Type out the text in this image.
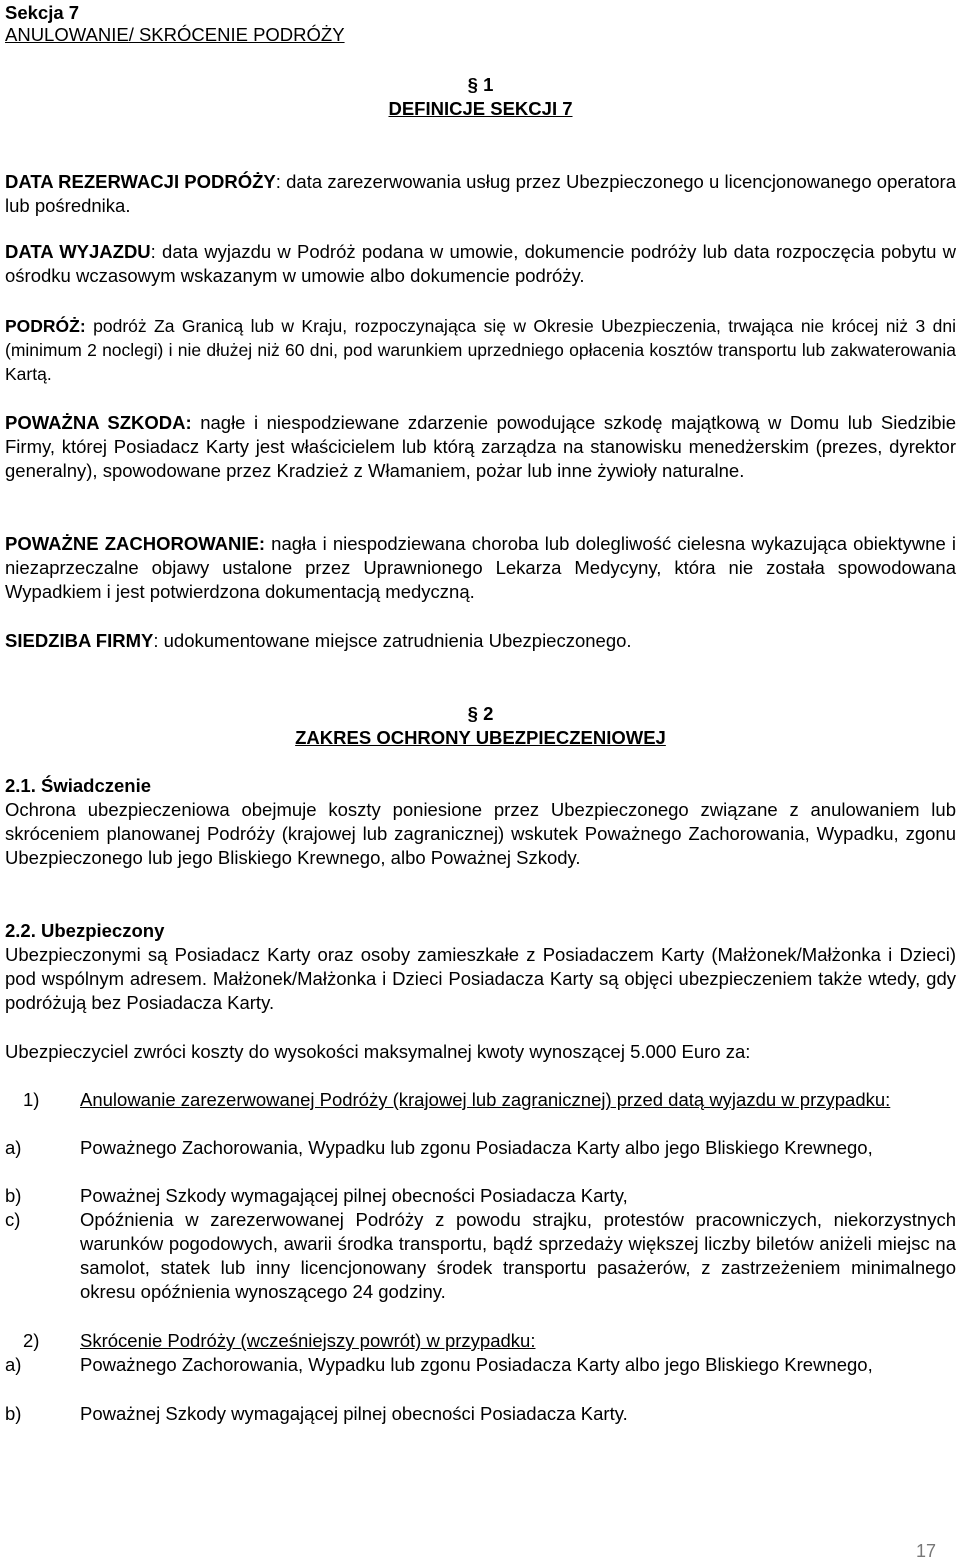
Sekcja 7
ANULOWANIE/ SKRÓCENIE PODRÓŻY
§ 1
DEFINICJE SEKCJI 7
DATA REZERWACJI PODRÓŻY: data zarezerwowania usług przez Ubezpieczonego u licencjonowanego operatora lub pośrednika.
DATA WYJAZDU: data wyjazdu w Podróż podana w umowie, dokumencie podróży lub data rozpoczęcia pobytu w ośrodku wczasowym wskazanym w umowie albo dokumencie podróży.
PODRÓŻ: podróż Za Granicą lub w Kraju, rozpoczynająca się w Okresie Ubezpieczenia, trwająca nie krócej niż 3 dni (minimum 2 noclegi) i nie dłużej niż 60 dni, pod warunkiem uprzedniego opłacenia kosztów transportu lub zakwaterowania Kartą.
POWAŻNA SZKODA: nagłe i niespodziewane zdarzenie powodujące szkodę majątkową w Domu lub Siedzibie Firmy, której Posiadacz Karty jest właścicielem lub którą zarządza na stanowisku menedżerskim (prezes, dyrektor generalny), spowodowane przez Kradzież z Włamaniem, pożar lub inne żywioły naturalne.
POWAŻNE ZACHOROWANIE: nagła i niespodziewana choroba lub dolegliwość cielesna wykazująca obiektywne i niezaprzeczalne objawy ustalone przez Uprawnionego Lekarza Medycyny, która nie została spowodowana Wypadkiem i jest potwierdzona dokumentacją medyczną.
SIEDZIBA FIRMY: udokumentowane miejsce zatrudnienia Ubezpieczonego.
§ 2
ZAKRES OCHRONY UBEZPIECZENIOWEJ
2.1. Świadczenie
Ochrona ubezpieczeniowa obejmuje koszty poniesione przez Ubezpieczonego związane z anulowaniem lub skróceniem planowanej Podróży (krajowej lub zagranicznej) wskutek Poważnego Zachorowania, Wypadku, zgonu Ubezpieczonego lub jego Bliskiego Krewnego, albo Poważnej Szkody.
2.2. Ubezpieczony
Ubezpieczonymi są Posiadacz Karty oraz osoby zamieszkałe z Posiadaczem Karty (Małżonek/Małżonka i Dzieci) pod wspólnym adresem. Małżonek/Małżonka i Dzieci Posiadacza Karty są objęci ubezpieczeniem także wtedy, gdy podróżują bez Posiadacza Karty.
Ubezpieczyciel zwróci koszty do wysokości maksymalnej kwoty wynoszącej 5.000 Euro za:
1)	Anulowanie zarezerwowanej Podróży (krajowej lub zagranicznej) przed datą wyjazdu w przypadku:
a)	Poważnego Zachorowania, Wypadku lub zgonu Posiadacza Karty albo jego Bliskiego Krewnego,
b)	Poważnej Szkody wymagającej pilnej obecności Posiadacza Karty,
c)	Opóźnienia w zarezerwowanej Podróży z powodu strajku, protestów pracowniczych, niekorzystnych warunków pogodowych, awarii środka transportu, bądź sprzedaży większej liczby biletów aniżeli miejsc na samolot, statek lub inny licencjonowany środek transportu pasażerów, z zastrzeżeniem minimalnego okresu opóźnienia wynoszącego 24 godziny.
2)	Skrócenie Podróży (wcześniejszy powrót) w przypadku:
a)	Poważnego Zachorowania, Wypadku lub zgonu Posiadacza Karty albo jego Bliskiego Krewnego,
b)	Poważnej Szkody wymagającej pilnej obecności Posiadacza Karty.
17
